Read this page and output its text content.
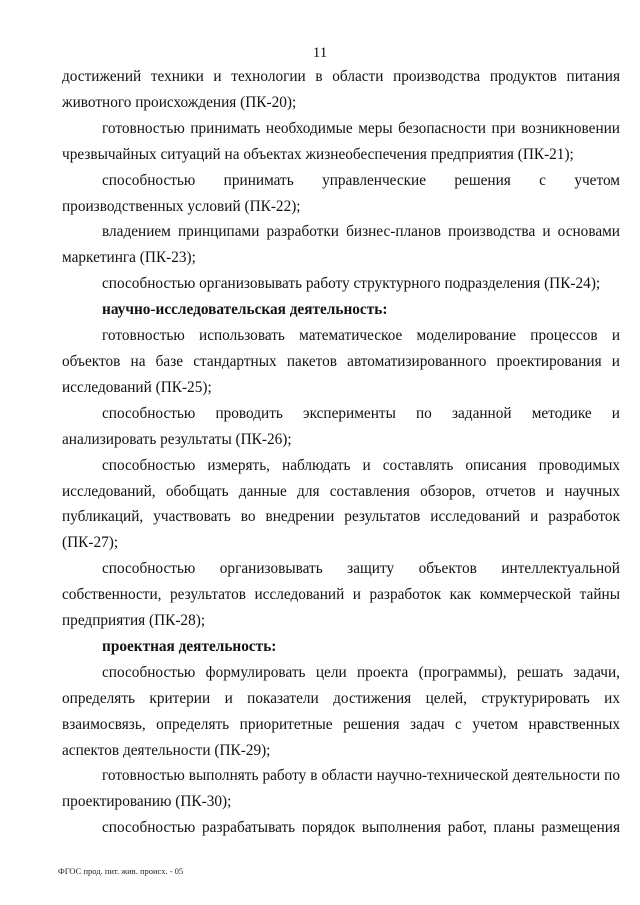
11

достижений техники и технологии в области производства продуктов питания животного происхождения (ПК-20);

готовностью принимать необходимые меры безопасности при возникновении чрезвычайных ситуаций на объектах жизнеобеспечения предприятия (ПК-21);

способностью принимать управленческие решения с учетом производственных условий (ПК-22);

владением принципами разработки бизнес-планов производства и основами маркетинга (ПК-23);

способностью организовывать работу структурного подразделения (ПК-24);

научно-исследовательская деятельность:

готовностью использовать математическое моделирование процессов и объектов на базе стандартных пакетов автоматизированного проектирования и исследований (ПК-25);

способностью проводить эксперименты по заданной методике и анализировать результаты (ПК-26);

способностью измерять, наблюдать и составлять описания проводимых исследований, обобщать данные для составления обзоров, отчетов и научных публикаций, участвовать во внедрении результатов исследований и разработок (ПК-27);

способностью организовывать защиту объектов интеллектуальной собственности, результатов исследований и разработок как коммерческой тайны предприятия (ПК-28);

проектная деятельность:

способностью формулировать цели проекта (программы), решать задачи, определять критерии и показатели достижения целей, структурировать их взаимосвязь, определять приоритетные решения задач с учетом нравственных аспектов деятельности (ПК-29);

готовностью выполнять работу в области научно-технической деятельности по проектированию (ПК-30);

способностью разрабатывать порядок выполнения работ, планы размещения

ФГОС прод. пит. жив. происх. - 05
